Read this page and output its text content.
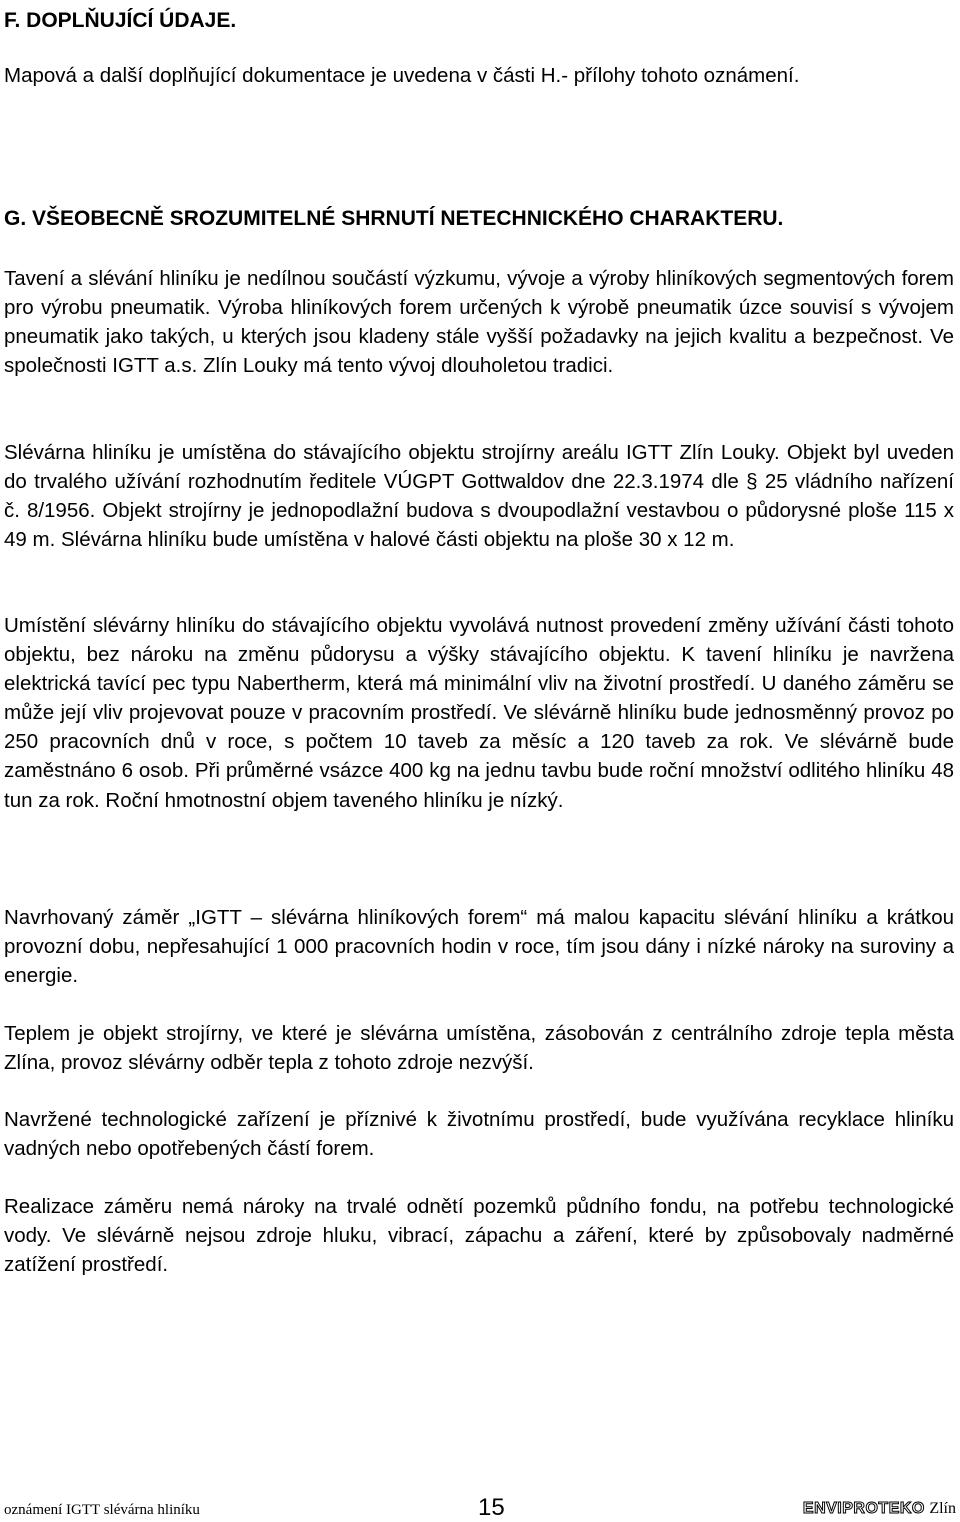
F. DOPLŇUJÍCÍ ÚDAJE.
Mapová a další doplňující dokumentace je uvedena v části H.- přílohy tohoto oznámení.
G. VŠEOBECNĚ SROZUMITELNÉ SHRNUTÍ NETECHNICKÉHO CHARAKTERU.
Tavení a slévání hliníku je nedílnou součástí výzkumu, vývoje a výroby hliníkových segmentových forem pro výrobu pneumatik. Výroba hliníkových forem určených k výrobě pneumatik úzce souvisí s vývojem pneumatik jako takých, u kterých jsou kladeny stále vyšší požadavky na jejich kvalitu a bezpečnost. Ve společnosti IGTT a.s. Zlín Louky má tento vývoj dlouholetou tradici.
Slévárna hliníku je umístěna do stávajícího objektu strojírny areálu IGTT Zlín Louky. Objekt byl uveden do trvalého užívání rozhodnutím ředitele VÚGPT Gottwaldov dne 22.3.1974 dle § 25 vládního nařízení č. 8/1956. Objekt strojírny je jednopodlažní budova s dvoupodlažní vestavbou o půdorysné ploše 115 x 49 m. Slévárna hliníku bude umístěna v halové části objektu na ploše 30 x 12 m.
Umístění slévárny hliníku do stávajícího objektu vyvolává nutnost provedení změny užívání části tohoto objektu, bez nároku na změnu půdorysu a výšky stávajícího objektu. K tavení hliníku je navržena elektrická tavící pec typu Nabertherm, která má minimální vliv na životní prostředí. U daného záměru se může její vliv projevovat pouze v pracovním prostředí. Ve slévárně hliníku bude jednosměnný provoz po 250 pracovních dnů v roce, s počtem 10 taveb za měsíc a 120 taveb za rok. Ve slévárně bude zaměstnáno 6 osob. Při průměrné vsázce 400 kg na jednu tavbu bude roční množství odlitého hliníku 48 tun za rok. Roční hmotnostní objem taveného hliníku je nízký.
Navrhovaný záměr „IGTT – slévárna hliníkových forem“ má malou kapacitu slévání hliníku a krátkou provozní dobu, nepřesahující 1 000 pracovních hodin v roce, tím jsou dány i nízké nároky na suroviny a energie.
Teplem je objekt strojírny, ve které je slévárna umístěna, zásobován z centrálního zdroje tepla města Zlína, provoz slévárny odběr tepla z tohoto zdroje nezvýší.
Navržené technologické zařízení je příznivé k životnímu prostředí, bude využívána recyklace hliníku vadných nebo opotřebených částí forem.
Realizace záměru nemá nároky na trvalé odnětí pozemků půdního fondu, na potřebu technologické vody. Ve slévárně nejsou zdroje hluku, vibrací, zápachu a záření, které by způsobovaly nadměrné zatížení prostředí.
oznámení IGTT slévárna hliníku	15	ENVIPROTEKO Zlín
